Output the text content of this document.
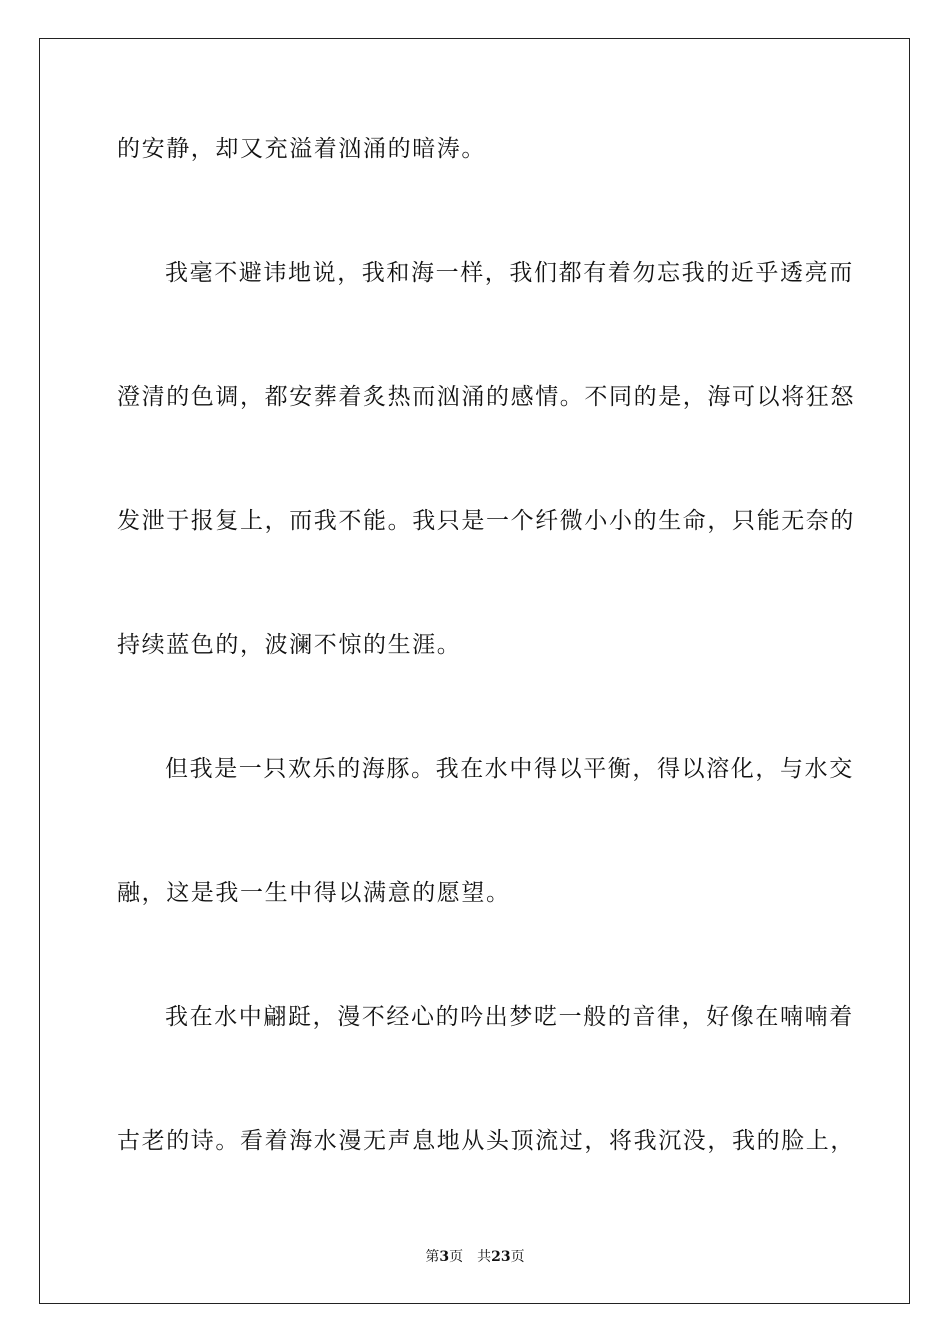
的安静，却又充溢着汹涌的暗涛。
我毫不避讳地说，我和海一样，我们都有着勿忘我的近乎透亮而
澄清的色调，都安葬着炙热而汹涌的感情。不同的是，海可以将狂怒
发泄于报复上，而我不能。我只是一个纤微小小的生命，只能无奈的
持续蓝色的，波澜不惊的生涯。
但我是一只欢乐的海豚。我在水中得以平衡，得以溶化，与水交
融，这是我一生中得以满意的愿望。
我在水中翩跹，漫不经心的吟出梦呓一般的音律，好像在喃喃着
古老的诗。看着海水漫无声息地从头顶流过，将我沉没，我的脸上，
第3页 共23页
